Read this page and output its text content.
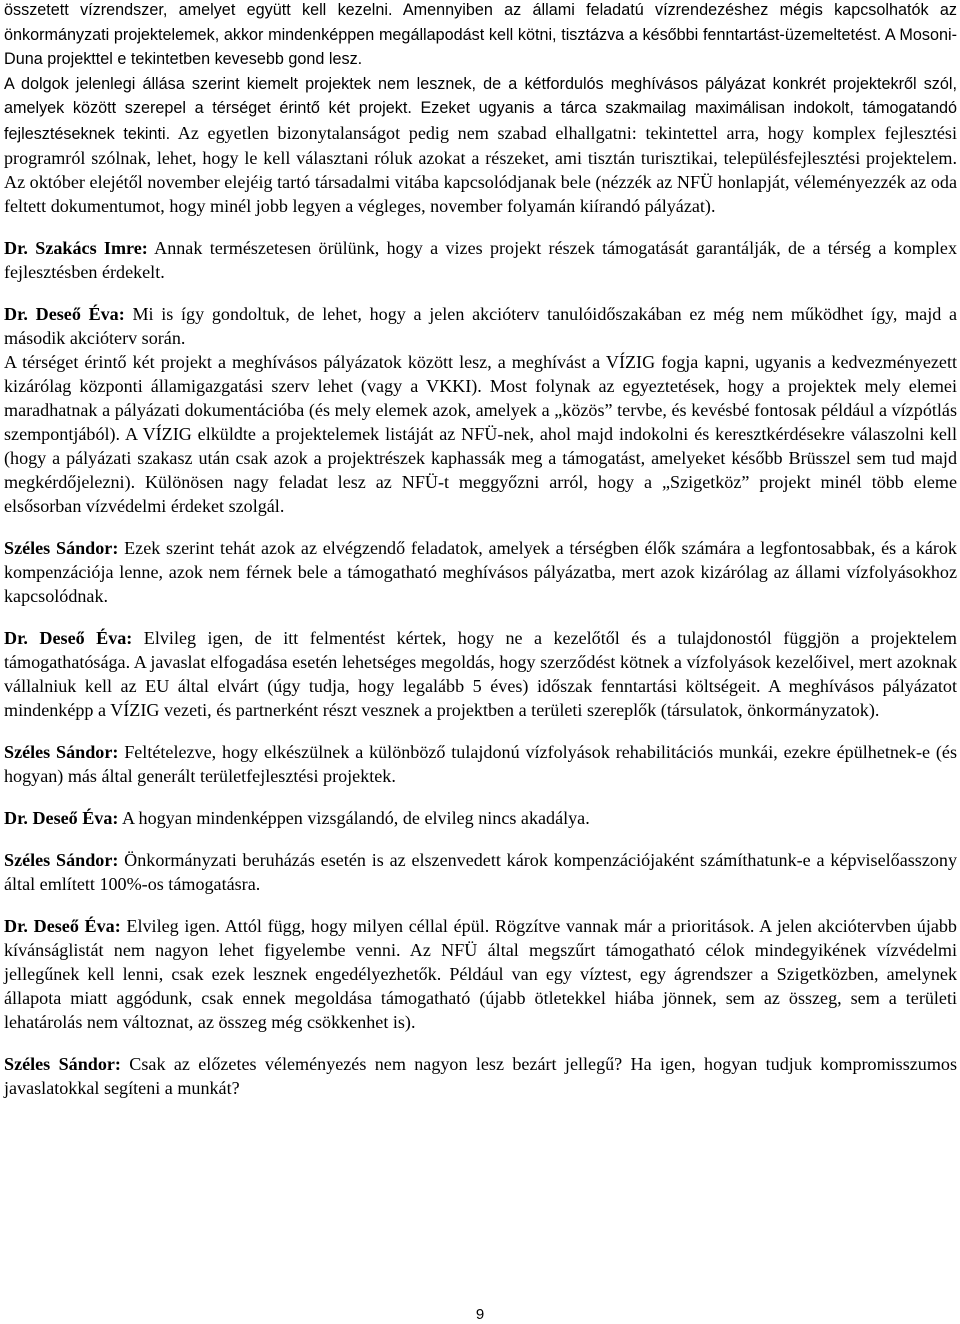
összetett vízrendszer, amelyet együtt kell kezelni. Amennyiben az állami feladatú vízrendezéshez mégis kapcsolhatók az önkormányzati projektelemek, akkor mindenképpen megállapodást kell kötni, tisztázva a későbbi fenntartást-üzemeltetést. A Mosoni-Duna projekttel e tekintetben kevesebb gond lesz.

A dolgok jelenlegi állása szerint kiemelt projektek nem lesznek, de a kétfordulós meghívásos pályázat konkrét projektekről szól, amelyek között szerepel a térséget érintő két projekt. Ezeket ugyanis a tárca szakmailag maximálisan indokolt, támogatandó fejlesztéseknek tekinti. Az egyetlen bizonytalanságot pedig nem szabad elhallgatni: tekintettel arra, hogy komplex fejlesztési programról szólnak, lehet, hogy le kell választani róluk azokat a részeket, ami tisztán turisztikai, településfejlesztési projektelem. Az október elejétől november elejéig tartó társadalmi vitába kapcsolódjanak bele (nézzék az NFÜ honlapját, véleményezzék az oda feltett dokumentumot, hogy minél jobb legyen a végleges, november folyamán kiírandó pályázat).

Dr. Szakács Imre: Annak természetesen örülünk, hogy a vizes projekt részek támogatását garantálják, de a térség a komplex fejlesztésben érdekelt.

Dr. Deseő Éva: Mi is így gondoltuk, de lehet, hogy a jelen akcióterv tanulóidőszakában ez még nem működhet így, majd a második akcióterv során.

A térséget érintő két projekt a meghívásos pályázatok között lesz, a meghívást a VÍZIG fogja kapni, ugyanis a kedvezményezett kizárólag központi államigazgatási szerv lehet (vagy a VKKI). Most folynak az egyeztetések, hogy a projektek mely elemei maradhatnak a pályázati dokumentációba (és mely elemek azok, amelyek a „közös” tervbe, és kevésbé fontosak például a vízpótlás szempontjából). A VÍZIG elküldte a projektelemek listáját az NFÜ-nek, ahol majd indokolni és keresztkérdésekre válaszolni kell (hogy a pályázati szakasz után csak azok a projektrészek kaphassák meg a támogatást, amelyeket később Brüsszel sem tud majd megkérdőjelezni). Különösen nagy feladat lesz az NFÜ-t meggyőzni arról, hogy a „Szigetköz” projekt minél több eleme elsősorban vízvédelmi érdeket szolgál.

Széles Sándor: Ezek szerint tehát azok az elvégzendő feladatok, amelyek a térségben élők számára a legfontosabbak, és a károk kompenzációja lenne, azok nem férnek bele a támogatható meghívásos pályázatba, mert azok kizárólag az állami vízfolyásokhoz kapcsolódnak.

Dr. Deseő Éva: Elvileg igen, de itt felmentést kértek, hogy ne a kezelőtől és a tulajdonostól függjön a projektelem támogathatósága. A javaslat elfogadása esetén lehetséges megoldás, hogy szerződést kötnek a vízfolyások kezelőivel, mert azoknak vállalniuk kell az EU által elvárt (úgy tudja, hogy legalább 5 éves) időszak fenntartási költségeit. A meghívásos pályázatot mindenképp a VÍZIG vezeti, és partnerként részt vesznek a projektben a területi szereplők (társulatok, önkormányzatok).

Széles Sándor: Feltételezve, hogy elkészülnek a különböző tulajdonú vízfolyások rehabilitációs munkái, ezekre épülhetnek-e (és hogyan) más által generált területfejlesztési projektek.

Dr. Deseő Éva: A hogyan mindenképpen vizsgálandó, de elvileg nincs akadálya.

Széles Sándor: Önkormányzati beruházás esetén is az elszenvedett károk kompenzációjaként számíthatunk-e a képviselőasszony által említett 100%-os támogatásra.

Dr. Deseő Éva: Elvileg igen. Attól függ, hogy milyen céllal épül. Rögzítve vannak már a prioritások. A jelen akciótervben újabb kívánságlistát nem nagyon lehet figyelembe venni. Az NFÜ által megszűrt támogatható célok mindegyikének vízvédelmi jellegűnek kell lenni, csak ezek lesznek engedélyezhetők. Például van egy víztest, egy ágrendszer a Szigetközben, amelynek állapota miatt aggódunk, csak ennek megoldása támogatható (újabb ötletekkel hiába jönnek, sem az összeg, sem a területi lehatárolás nem változnat, az összeg még csökkenhet is).

Széles Sándor: Csak az előzetes véleményezés nem nagyon lesz bezárt jellegű? Ha igen, hogyan tudjuk kompromisszumos javaslatokkal segíteni a munkát?

9
